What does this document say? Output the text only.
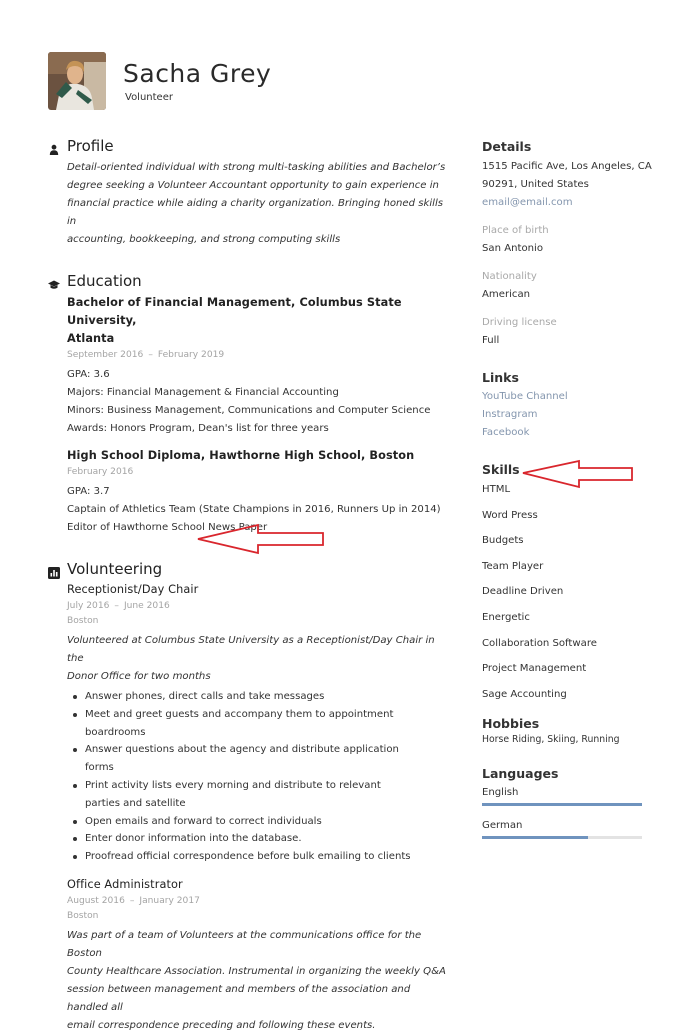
Sacha Grey
Volunteer
Profile
Detail-oriented individual with strong multi-tasking abilities and Bachelor’s
degree seeking a Volunteer Accountant opportunity to gain experience in
financial practice while aiding a charity organization. Bringing honed skills in
accounting, bookkeeping, and strong computing skills
Education
Bachelor of Financial Management, Columbus State University,
Atlanta
September 2016 – February 2019
GPA: 3.6
Majors: Financial Management & Financial Accounting
Minors: Business Management, Communications and Computer Science
Awards: Honors Program, Dean's list for three years
High School Diploma, Hawthorne High School, Boston
February 2016
GPA: 3.7
Captain of Athletics Team (State Champions in 2016, Runners Up in 2014)
Editor of Hawthorne School News Paper
Volunteering
Receptionist/Day Chair
July 2016 – June 2016
Boston
Volunteered at Columbus State University as a Receptionist/Day Chair in the
Donor Office for two months
Answer phones, direct calls and take messages
Meet and greet guests and accompany them to appointment boardrooms
Answer questions about the agency and distribute application forms
Print activity lists every morning and distribute to relevant parties and satellite
Open emails and forward to correct individuals
Enter donor information into the database.
Proofread official correspondence before bulk emailing to clients
Office Administrator
August 2016 – January 2017
Boston
Was part of a team of Volunteers at the communications office for the Boston
County Healthcare Association. Instrumental in organizing the weekly Q&A
session between management and members of the association and handled all
email correspondence preceding and following these events.
Details
1515 Pacific Ave, Los Angeles, CA
90291, United States
email@email.com
Place of birth
San Antonio
Nationality
American
Driving license
Full
Links
YouTube Channel
Instragram
Facebook
Skills
HTML
Word Press
Budgets
Team Player
Deadline Driven
Energetic
Collaboration Software
Project Management
Sage Accounting
Hobbies
Horse Riding, Skiing, Running
Languages
English
German
